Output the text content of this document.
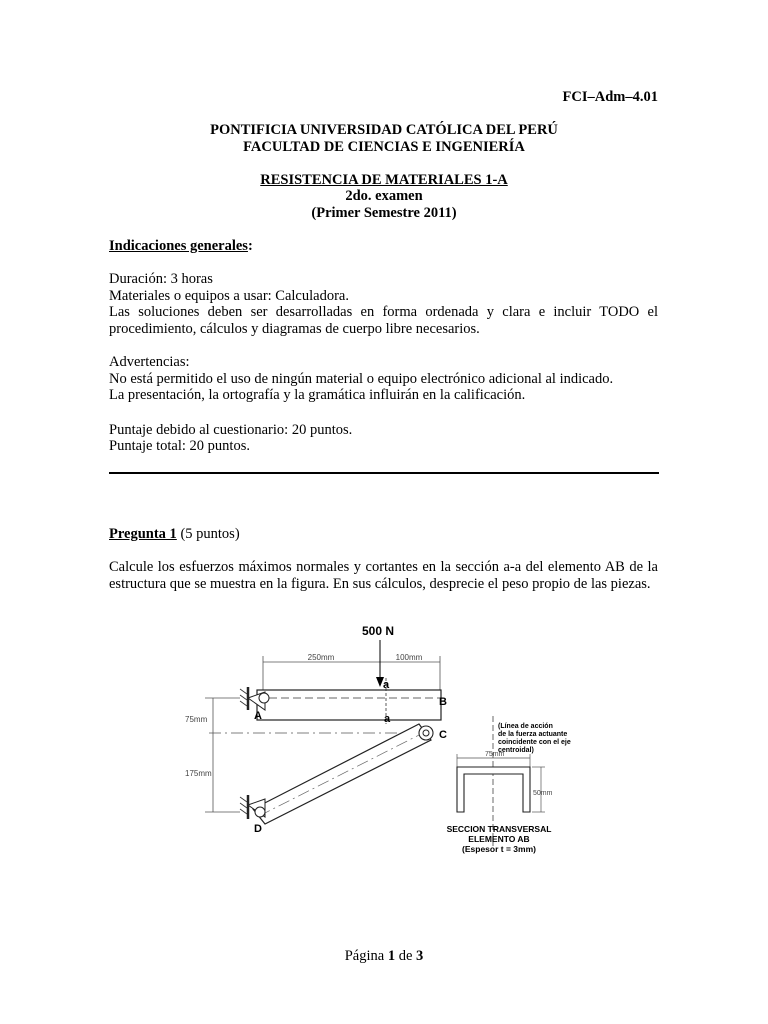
FCI–Adm–4.01
PONTIFICIA UNIVERSIDAD CATÓLICA DEL PERÚ
FACULTAD DE CIENCIAS E INGENIERÍA
RESISTENCIA DE MATERIALES 1-A
2do. examen
(Primer Semestre 2011)
Indicaciones generales:
Duración: 3 horas
Materiales o equipos a usar: Calculadora.
Las soluciones deben ser desarrolladas en forma ordenada y clara e incluir TODO el procedimiento, cálculos y diagramas de cuerpo libre necesarios.
Advertencias:
No está permitido el uso de ningún material o equipo electrónico adicional al indicado.
La presentación, la ortografía y la gramática influirán en la calificación.
Puntaje debido al cuestionario: 20 puntos.
Puntaje total: 20 puntos.
Pregunta 1 (5 puntos)
Calcule los esfuerzos máximos normales y cortantes en la sección a-a del elemento AB de la estructura que se muestra en la figura. En sus cálculos, desprecie el peso propio de las piezas.
250mm	100mm
500 N
a
a
A
B
C
D
75mm
175mm
(Línea de acción
de la fuerza actuante
coincidente con el eje
centroidal)
75mm
50mm
SECCION TRANSVERSAL
ELEMENTO AB
(Espesor t = 3mm)
Página 1 de 3
